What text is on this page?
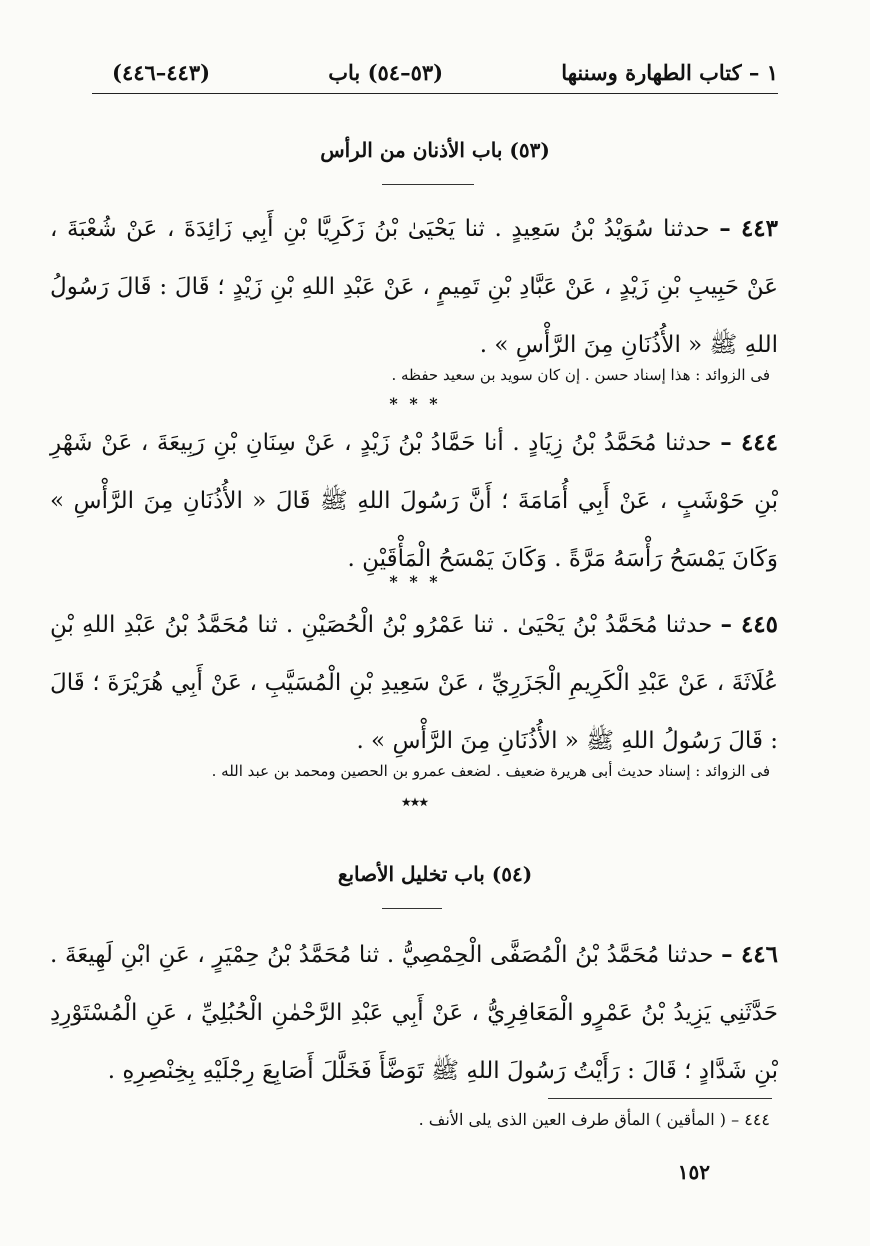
١ – كتاب الطهارة وسننها
(٥٣–٥٤) باب
(٤٤٣–٤٤٦)
(٥٣) باب الأذنان من الرأس
٤٤٣ – حدثنا سُوَيْدُ بْنُ سَعِيدٍ . ثنا يَحْيَىٰ بْنُ زَكَرِيَّا بْنِ أَبِي زَائِدَةَ ، عَنْ شُعْبَةَ ، عَنْ حَبِيبِ بْنِ زَيْدٍ ، عَنْ عَبَّادِ بْنِ تَمِيمٍ ، عَنْ عَبْدِ اللهِ بْنِ زَيْدٍ ؛ قَالَ : قَالَ رَسُولُ اللهِ ﷺ « الأُذُنَانِ مِنَ الرَّأْسِ » .
فى الزوائد : هذا إسناد حسن . إن كان سويد بن سعيد حفظه .
* * *
٤٤٤ – حدثنا مُحَمَّدُ بْنُ زِيَادٍ . أنا حَمَّادُ بْنُ زَيْدٍ ، عَنْ سِنَانِ بْنِ رَبِيعَةَ ، عَنْ شَهْرِ بْنِ حَوْشَبٍ ، عَنْ أَبِي أُمَامَةَ ؛ أَنَّ رَسُولَ اللهِ ﷺ قَالَ « الأُذُنَانِ مِنَ الرَّأْسِ » وَكَانَ يَمْسَحُ رَأْسَهُ مَرَّةً . وَكَانَ يَمْسَحُ الْمَأْقَيْنِ .
* * *
٤٤٥ – حدثنا مُحَمَّدُ بْنُ يَحْيَىٰ . ثنا عَمْرُو بْنُ الْحُصَيْنِ . ثنا مُحَمَّدُ بْنُ عَبْدِ اللهِ بْنِ عُلَاثَةَ ، عَنْ عَبْدِ الْكَرِيمِ الْجَزَرِيِّ ، عَنْ سَعِيدِ بْنِ الْمُسَيَّبِ ، عَنْ أَبِي هُرَيْرَةَ ؛ قَالَ : قَالَ رَسُولُ اللهِ ﷺ « الأُذُنَانِ مِنَ الرَّأْسِ » .
فى الزوائد : إسناد حديث أبى هريرة ضعيف . لضعف عمرو بن الحصين ومحمد بن عبد الله .
٭٭٭
(٥٤) باب تخليل الأصابع
٤٤٦ – حدثنا مُحَمَّدُ بْنُ الْمُصَفَّى الْحِمْصِيُّ . ثنا مُحَمَّدُ بْنُ حِمْيَرٍ ، عَنِ ابْنِ لَهِيعَةَ . حَدَّثَنِي يَزِيدُ بْنُ عَمْرٍو الْمَعَافِرِيُّ ، عَنْ أَبِي عَبْدِ الرَّحْمٰنِ الْحُبُلِيِّ ، عَنِ الْمُسْتَوْرِدِ بْنِ شَدَّادٍ ؛ قَالَ : رَأَيْتُ رَسُولَ اللهِ ﷺ تَوَضَّأَ فَخَلَّلَ أَصَابِعَ رِجْلَيْهِ بِخِنْصِرِهِ .
٤٤٤ – ( المأقين ) المأق طرف العين الذى يلى الأنف .
١٥٢
